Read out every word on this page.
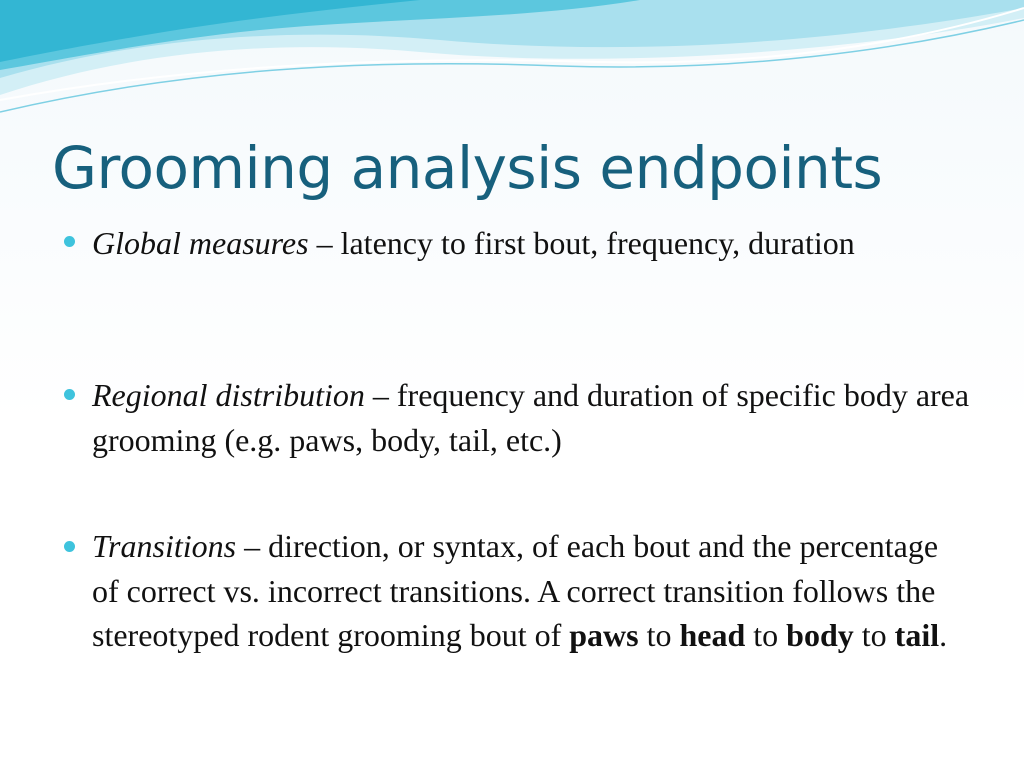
Grooming analysis endpoints
Global measures – latency to first bout, frequency, duration
Regional distribution – frequency and duration of specific body area grooming (e.g. paws, body, tail, etc.)
Transitions – direction, or syntax, of each bout and the percentage of correct vs. incorrect transitions. A correct transition follows the stereotyped rodent grooming bout of paws to head to body to tail.
